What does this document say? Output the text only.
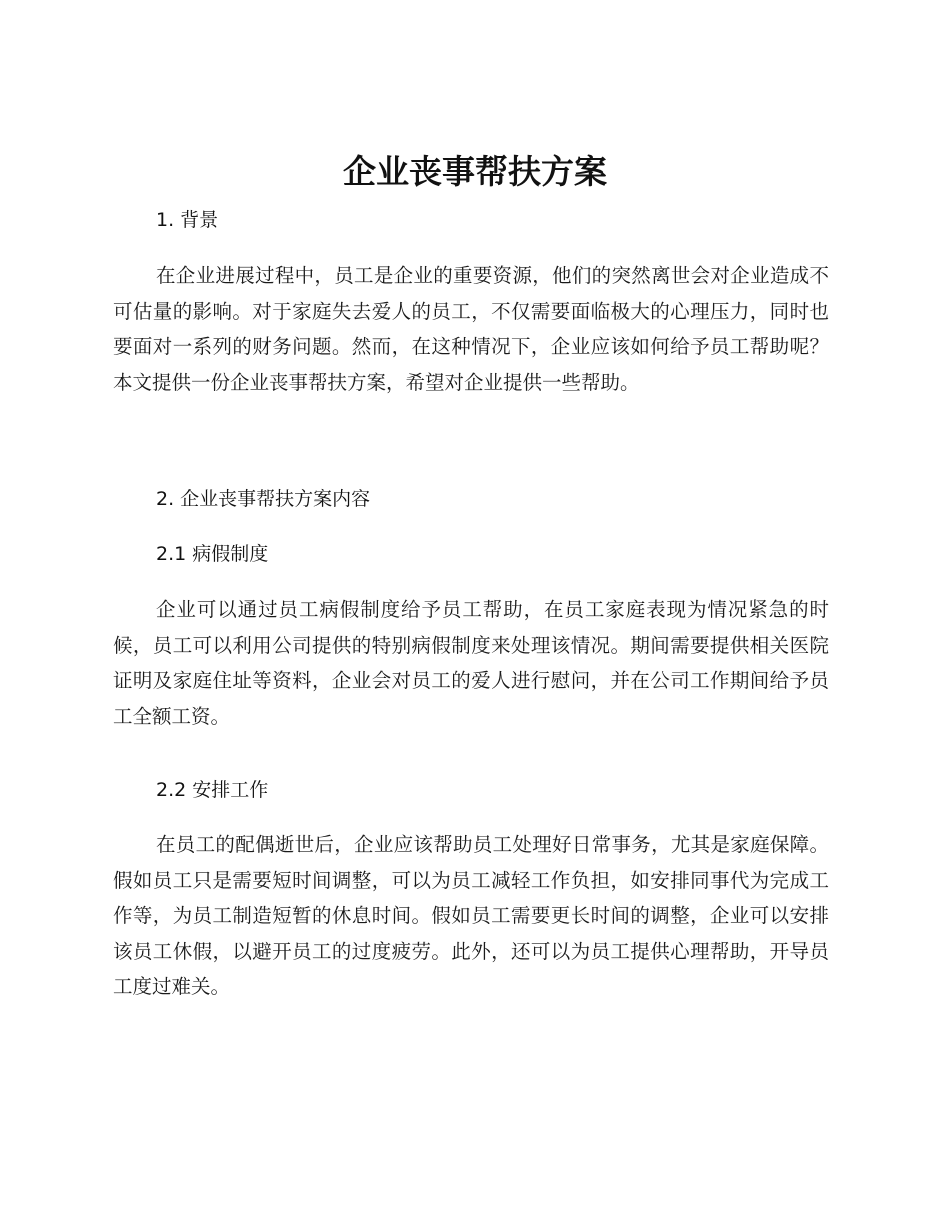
企业丧事帮扶方案
1. 背景
在企业进展过程中，员工是企业的重要资源，他们的突然离世会对企业造成不可估量的影响。对于家庭失去爱人的员工，不仅需要面临极大的心理压力，同时也要面对一系列的财务问题。然而，在这种情况下，企业应该如何给予员工帮助呢？本文提供一份企业丧事帮扶方案，希望对企业提供一些帮助。
2. 企业丧事帮扶方案内容
2.1 病假制度
企业可以通过员工病假制度给予员工帮助，在员工家庭表现为情况紧急的时候，员工可以利用公司提供的特别病假制度来处理该情况。期间需要提供相关医院证明及家庭住址等资料，企业会对员工的爱人进行慰问，并在公司工作期间给予员工全额工资。
2.2 安排工作
在员工的配偶逝世后，企业应该帮助员工处理好日常事务，尤其是家庭保障。假如员工只是需要短时间调整，可以为员工减轻工作负担，如安排同事代为完成工作等，为员工制造短暂的休息时间。假如员工需要更长时间的调整，企业可以安排该员工休假，以避开员工的过度疲劳。此外，还可以为员工提供心理帮助，开导员工度过难关。
